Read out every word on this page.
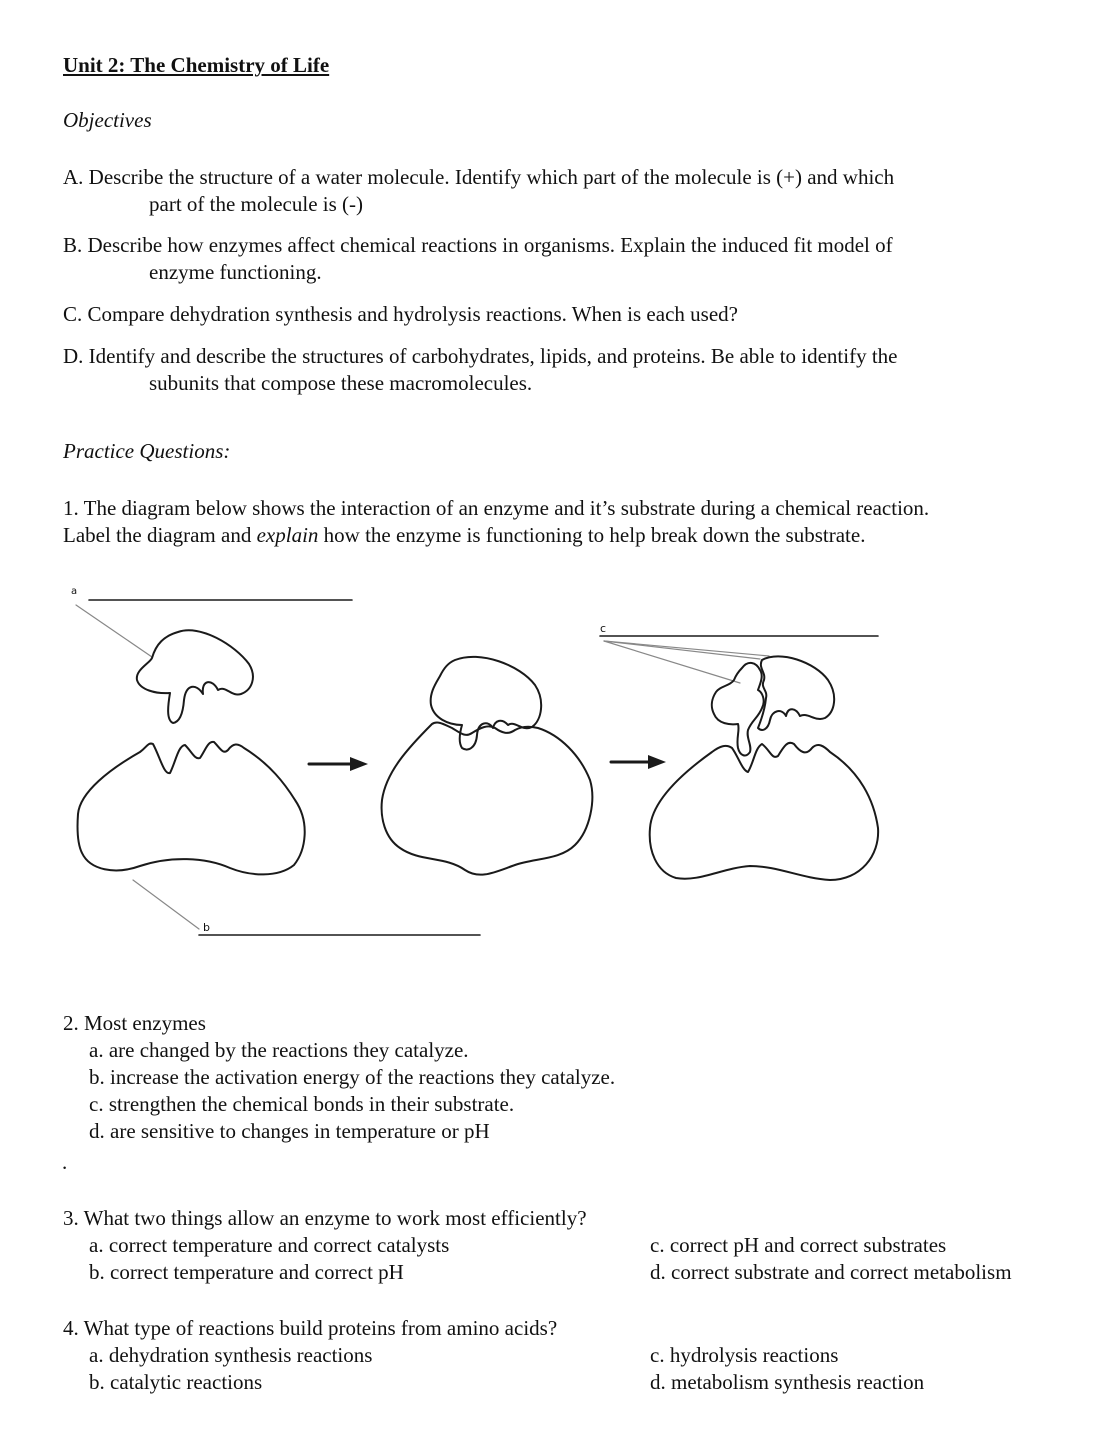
Unit 2: The Chemistry of Life
Objectives
A. Describe the structure of a water molecule. Identify which part of the molecule is (+) and which
part of the molecule is (-)
B. Describe how enzymes affect chemical reactions in organisms. Explain the induced fit model of
enzyme functioning.
C. Compare dehydration synthesis and hydrolysis reactions. When is each used?
D. Identify and describe the structures of carbohydrates, lipids, and proteins. Be able to identify the
subunits that compose these macromolecules.
Practice Questions:
1. The diagram below shows the interaction of an enzyme and it’s substrate during a chemical reaction.
Label the diagram and explain how the enzyme is functioning to help break down the substrate.
a
b
c
2. Most enzymes
a. are changed by the reactions they catalyze.
b. increase the activation energy of the reactions they catalyze.
c. strengthen the chemical bonds in their substrate.
d. are sensitive to changes in temperature or pH
.
3. What two things allow an enzyme to work most efficiently?
a. correct temperature and correct catalysts
b. correct temperature and correct pH
c. correct pH and correct substrates
d. correct substrate and correct metabolism
4. What type of reactions build proteins from amino acids?
a. dehydration synthesis reactions
b. catalytic reactions
c. hydrolysis reactions
d. metabolism synthesis reaction
